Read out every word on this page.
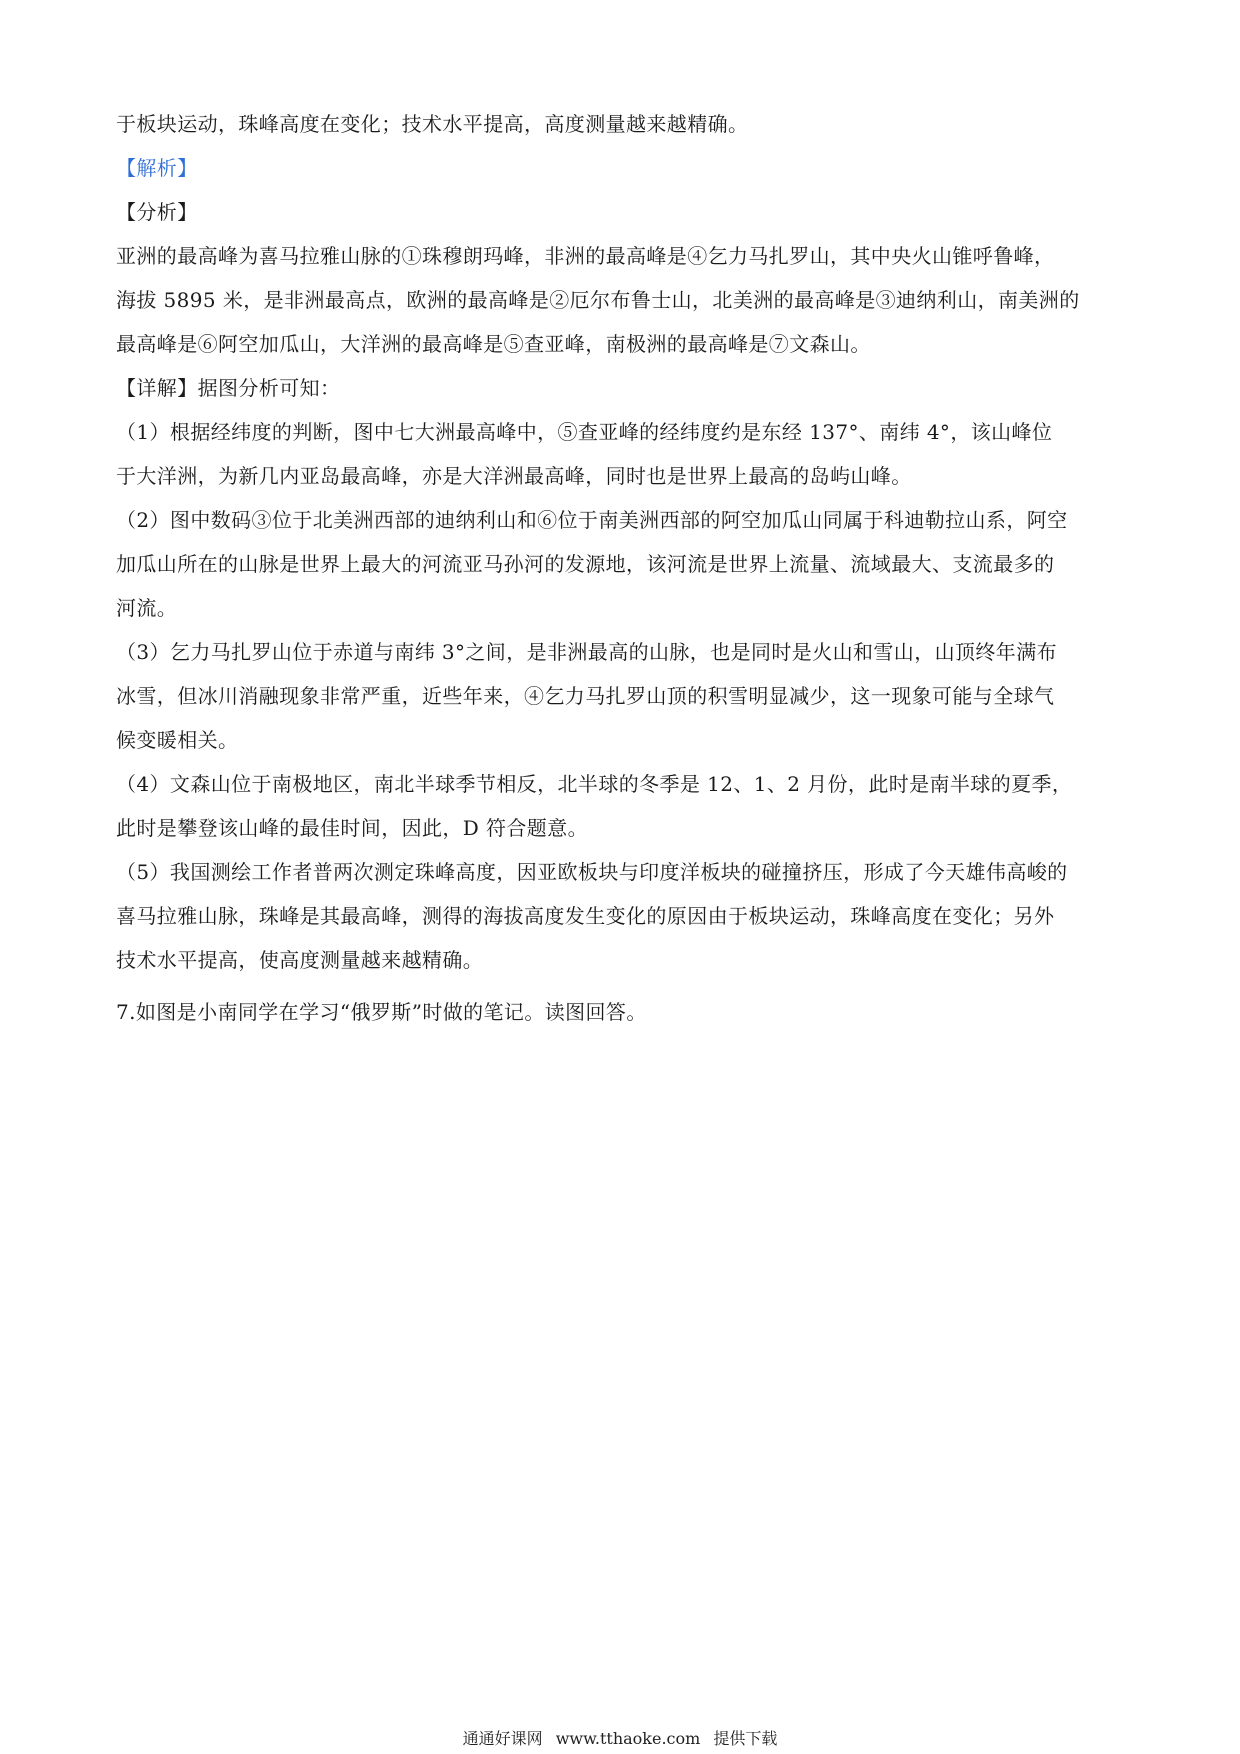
于板块运动，珠峰高度在变化；技术水平提高，高度测量越来越精确。
【解析】
【分析】
亚洲的最高峰为喜马拉雅山脉的①珠穆朗玛峰，非洲的最高峰是④乞力马扎罗山，其中央火山锥呼鲁峰，
海拔 5895 米，是非洲最高点，欧洲的最高峰是②厄尔布鲁士山，北美洲的最高峰是③迪纳利山，南美洲的
最高峰是⑥阿空加瓜山，大洋洲的最高峰是⑤查亚峰，南极洲的最高峰是⑦文森山。
【详解】据图分析可知：
（1）根据经纬度的判断，图中七大洲最高峰中，⑤查亚峰的经纬度约是东经 137°、南纬 4°，该山峰位
于大洋洲，为新几内亚岛最高峰，亦是大洋洲最高峰，同时也是世界上最高的岛屿山峰。
（2）图中数码③位于北美洲西部的迪纳利山和⑥位于南美洲西部的阿空加瓜山同属于科迪勒拉山系，阿空
加瓜山所在的山脉是世界上最大的河流亚马孙河的发源地，该河流是世界上流量、流域最大、支流最多的
河流。
（3）乞力马扎罗山位于赤道与南纬 3°之间，是非洲最高的山脉，也是同时是火山和雪山，山顶终年满布
冰雪，但冰川消融现象非常严重，近些年来，④乞力马扎罗山顶的积雪明显减少，这一现象可能与全球气
候变暖相关。
（4）文森山位于南极地区，南北半球季节相反，北半球的冬季是 12、1、2 月份，此时是南半球的夏季，
此时是攀登该山峰的最佳时间，因此，D 符合题意。
（5）我国测绘工作者普两次测定珠峰高度，因亚欧板块与印度洋板块的碰撞挤压，形成了今天雄伟高峻的
喜马拉雅山脉，珠峰是其最高峰，测得的海拔高度发生变化的原因由于板块运动，珠峰高度在变化；另外
技术水平提高，使高度测量越来越精确。
7.如图是小南同学在学习“俄罗斯”时做的笔记。读图回答。
通通好课网 www.tthaoke.com 提供下载
